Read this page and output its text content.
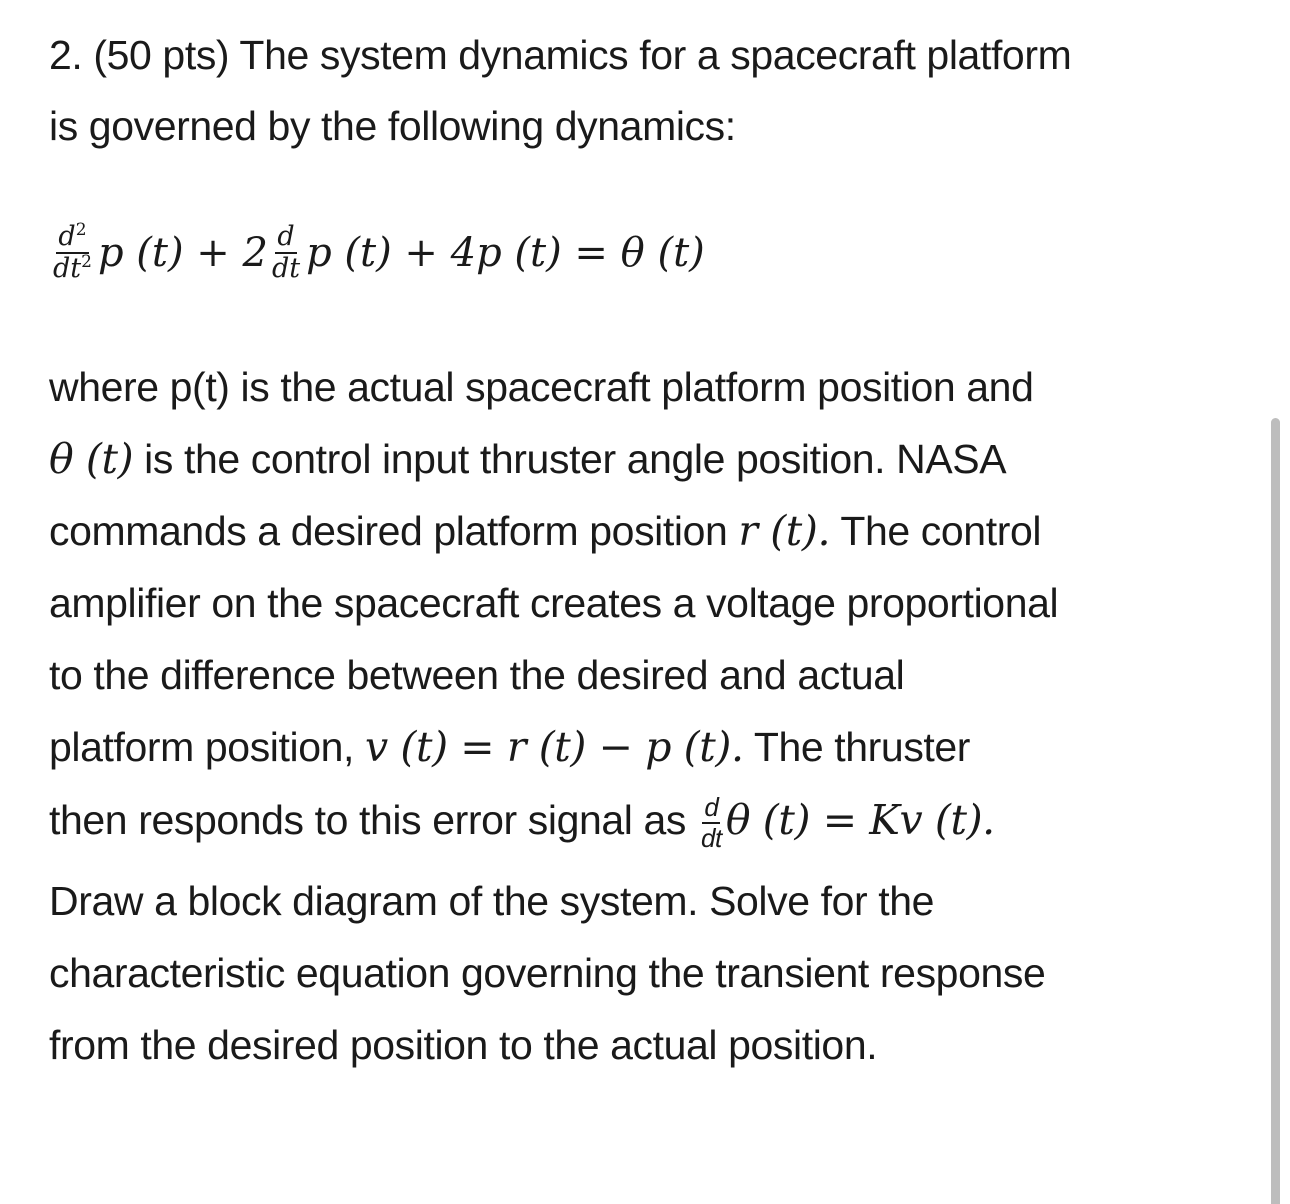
2. (50 pts) The system dynamics for a spacecraft platform
is governed by the following dynamics:
$\frac{d^2}{dt^2}$ p $(t) + 2 \frac{d}{dt}$ p (t) + 4p (t) = θ (t)
where p(t) is the actual spacecraft platform position and
θ (t) is the control input thruster angle position. NASA
commands a desired platform position r (t). The control
amplifier on the spacecraft creates a voltage proportional
to the difference between the desired and actual
platform position, v (t) = r (t) − p (t). The thruster
then responds to this error signal as $\frac{d}{dt}$ θ (t) = Kv (t).
Draw a block diagram of the system. Solve for the
characteristic equation governing the transient response
from the desired position to the actual position.
